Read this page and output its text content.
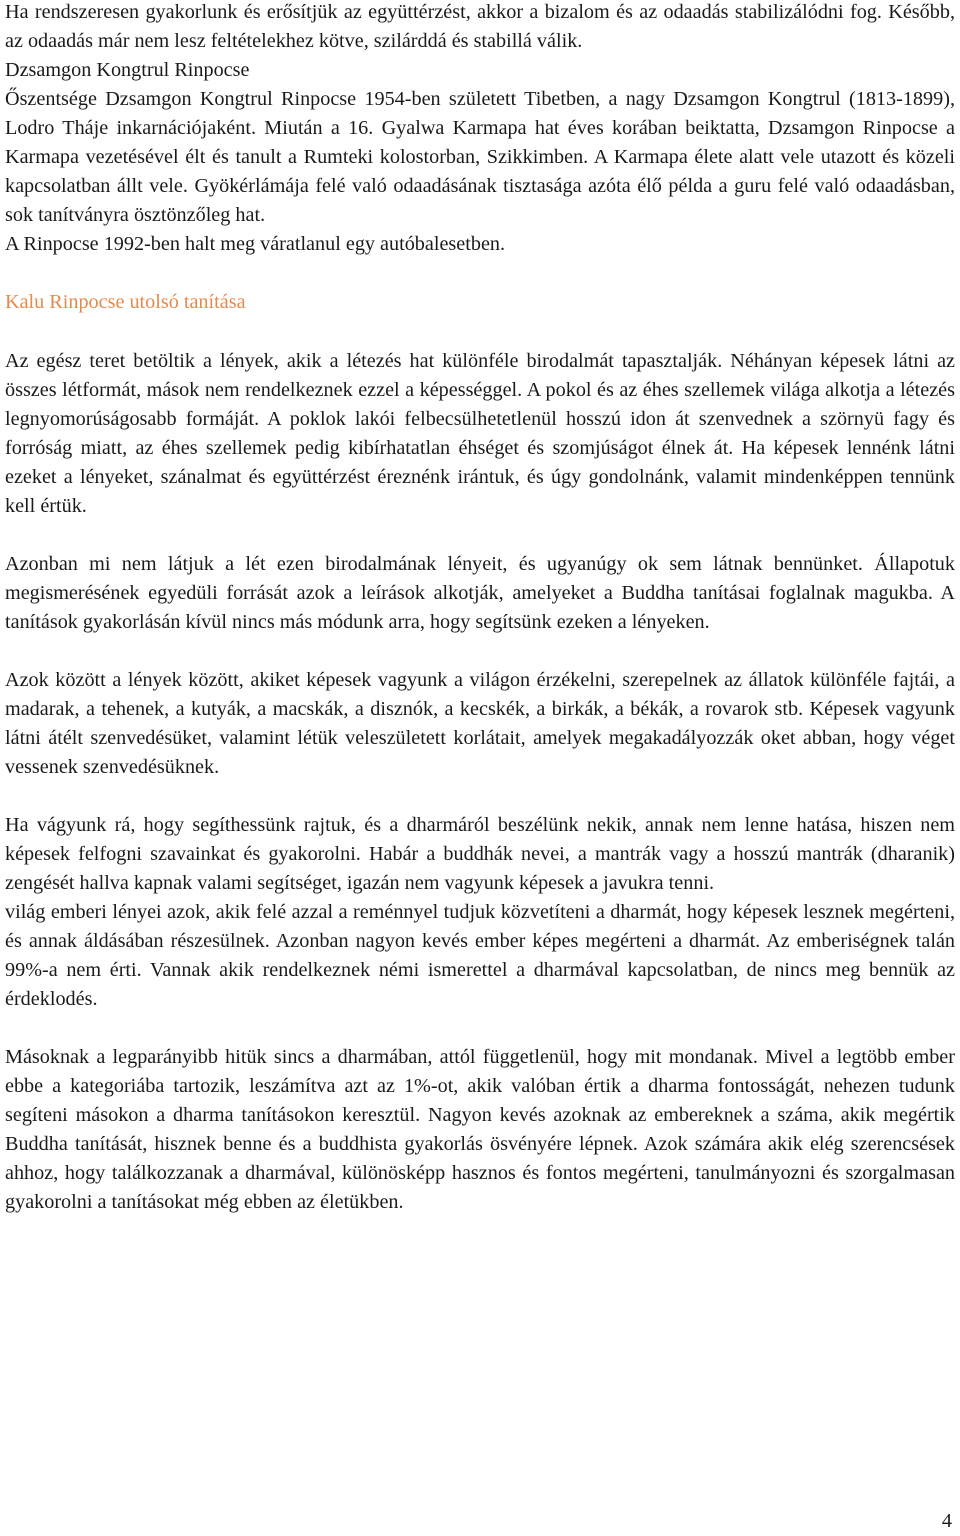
Ha rendszeresen gyakorlunk és erősítjük az együttérzést, akkor a bizalom és az odaadás stabilizálódni fog. Később, az odaadás már nem lesz feltételekhez kötve, szilárddá és stabillá válik.

Dzsamgon Kongtrul Rinpocse

Őszentsége Dzsamgon Kongtrul Rinpocse 1954-ben született Tibetben, a nagy Dzsamgon Kongtrul (1813-1899), Lodro Tháje inkarnációjaként. Miután a 16. Gyalwa Karmapa hat éves korában beiktatta, Dzsamgon Rinpocse a Karmapa vezetésével élt és tanult a Rumteki kolostorban, Szikkimben. A Karmapa élete alatt vele utazott és közeli kapcsolatban állt vele. Gyökérlámája felé való odaadásának tisztasága azóta élő példa a guru felé való odaadásban, sok tanítványra ösztönzőleg hat.

A Rinpocse 1992-ben halt meg váratlanul egy autóbalesetben.

Kalu Rinpocse utolsó tanítása

Az egész teret betöltik a lények, akik a létezés hat különféle birodalmát tapasztalják. Néhányan képesek látni az összes létformát, mások nem rendelkeznek ezzel a képességgel. A pokol és az éhes szellemek világa alkotja a létezés legnyomorúságosabb formáját. A poklok lakói felbecsülhetetlenül hosszú idon át szenvednek a szörnyü fagy és forróság miatt, az éhes szellemek pedig kibírhatatlan éhséget és szomjúságot élnek át. Ha képesek lennénk látni ezeket a lényeket, szánalmat és együttérzést éreznénk irántuk, és úgy gondolnánk, valamit mindenképpen tennünk kell értük.

Azonban mi nem látjuk a lét ezen birodalmának lényeit, és ugyanúgy ok sem látnak bennünket. Állapotuk megismerésének egyedüli forrását azok a leírások alkotják, amelyeket a Buddha tanításai foglalnak magukba. A tanítások gyakorlásán kívül nincs más módunk arra, hogy segítsünk ezeken a lényeken.

Azok között a lények között, akiket képesek vagyunk a világon érzékelni, szerepelnek az állatok különféle fajtái, a madarak, a tehenek, a kutyák, a macskák, a disznók, a kecskék, a birkák, a békák, a rovarok stb. Képesek vagyunk látni átélt szenvedésüket, valamint létük veleszületett korlátait, amelyek megakadályozzák oket abban, hogy véget vessenek szenvedésüknek.

Ha vágyunk rá, hogy segíthessünk rajtuk, és a dharmáról beszélünk nekik, annak nem lenne hatása, hiszen nem képesek felfogni szavainkat és gyakorolni. Habár a buddhák nevei, a mantrák vagy a hosszú mantrák (dharanik) zengését hallva kapnak valami segítséget, igazán nem vagyunk képesek a javukra tenni.

világ emberi lényei azok, akik felé azzal a reménnyel tudjuk közvetíteni a dharmát, hogy képesek lesznek megérteni, és annak áldásában részesülnek. Azonban nagyon kevés ember képes megérteni a dharmát. Az emberiségnek talán 99%-a nem érti. Vannak akik rendelkeznek némi ismerettel a dharmával kapcsolatban, de nincs meg bennük az érdeklodés.

Másoknak a legparányibb hitük sincs a dharmában, attól függetlenül, hogy mit mondanak. Mivel a legtöbb ember ebbe a kategoriába tartozik, leszámítva azt az 1%-ot, akik valóban értik a dharma fontosságát, nehezen tudunk segíteni másokon a dharma tanításokon keresztül. Nagyon kevés azoknak az embereknek a száma, akik megértik Buddha tanítását, hisznek benne és a buddhista gyakorlás ösvényére lépnek. Azok számára akik elég szerencsések ahhoz, hogy találkozzanak a dharmával, különösképp hasznos és fontos megérteni, tanulmányozni és szorgalmasan gyakorolni a tanításokat még ebben az életükben.

4
